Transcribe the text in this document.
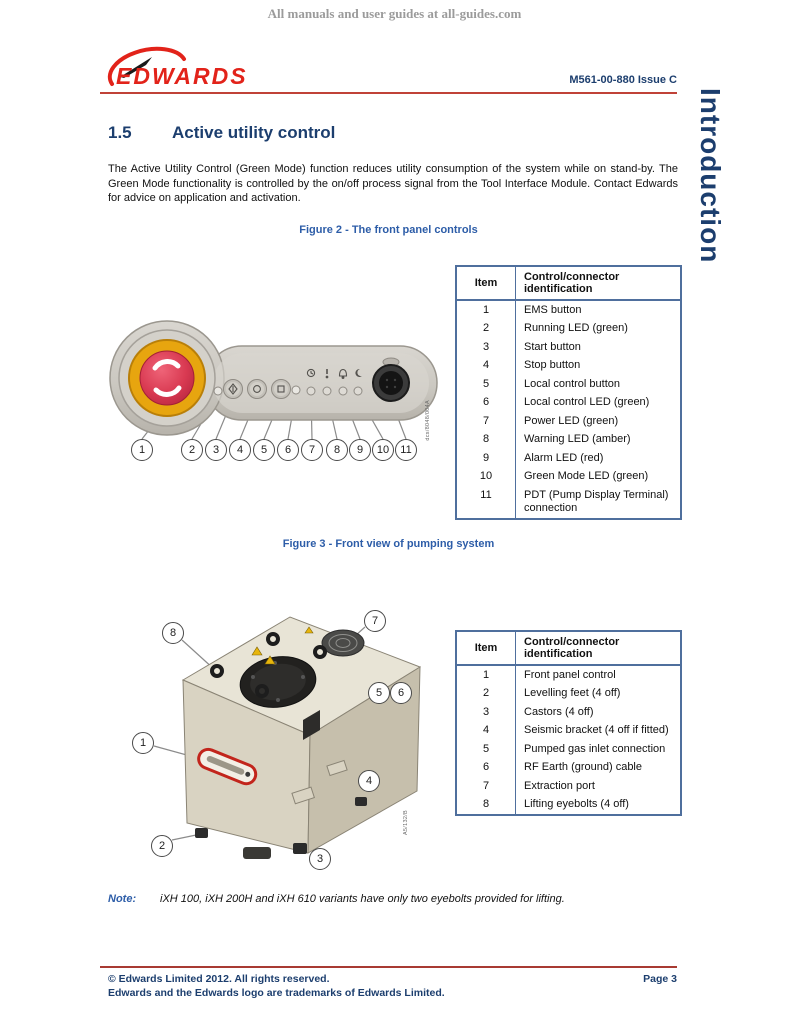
All manuals and user guides at all-guides.com
EDWARDS	M561-00-880 Issue C
Introduction
1.5 Active utility control
The Active Utility Control (Green Mode) function reduces utility consumption of the system while on stand-by. The Green Mode functionality is controlled by the on/off process signal from the Tool Interface Module. Contact Edwards for advice on application and activation.
Figure 2 - The front panel controls
1	2 3 4 5 6 7 8 9 10 11
dcs/8048/004A
Item	Control/connector identification
1	EMS button
2	Running LED (green)
3	Start button
4	Stop button
5	Local control button
6	Local control LED (green)
7	Power LED (green)
8	Warning LED (amber)
9	Alarm LED (red)
10	Green Mode LED (green)
11	PDT (Pump Display Terminal) connection
Figure 3 - Front view of pumping system
8
7
5 6
1
4
2
3
A5/132/B
Item	Control/connector identification
1	Front panel control
2	Levelling feet (4 off)
3	Castors (4 off)
4	Seismic bracket (4 off if fitted)
5	Pumped gas inlet connection
6	RF Earth (ground) cable
7	Extraction port
8	Lifting eyebolts (4 off)
Note: iXH 100, iXH 200H and iXH 610 variants have only two eyebolts provided for lifting.
© Edwards Limited 2012. All rights reserved.
Edwards and the Edwards logo are trademarks of Edwards Limited.
Page 3
